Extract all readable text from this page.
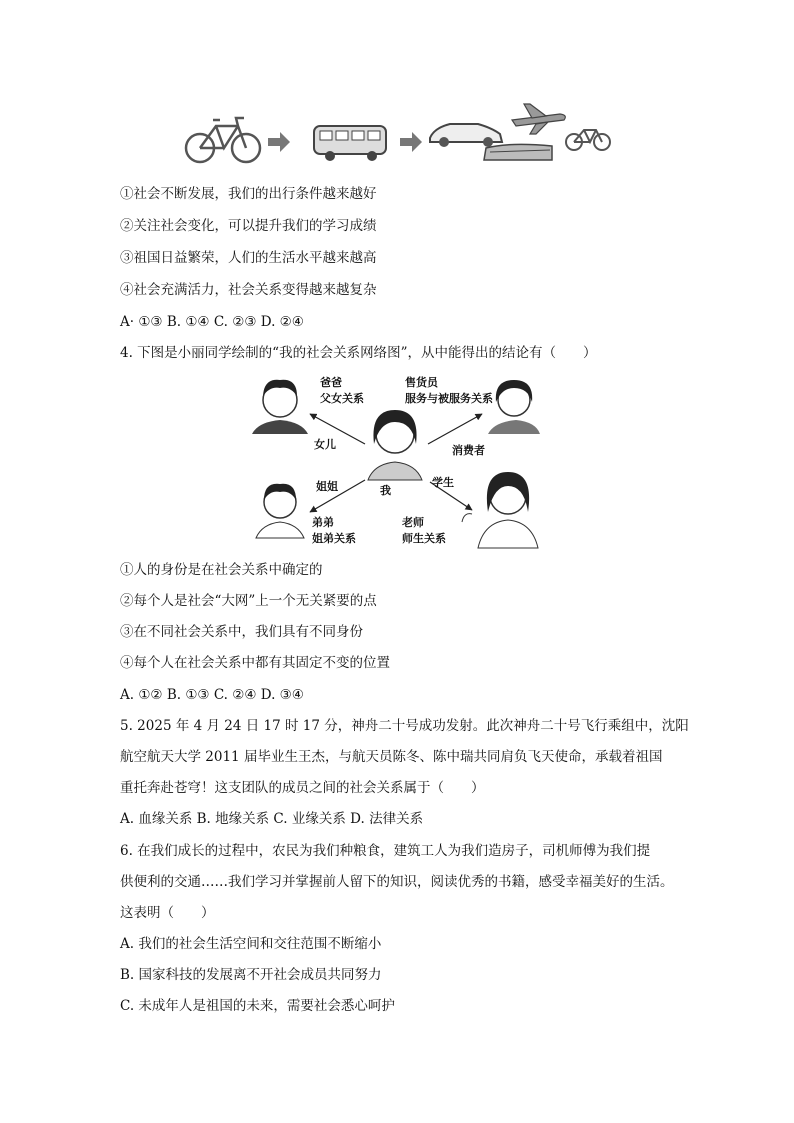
①社会不断发展，我们的出行条件越来越好
②关注社会变化，可以提升我们的学习成绩
③祖国日益繁荣，人们的生活水平越来越高
④社会充满活力，社会关系变得越来越复杂
A· ①③ B. ①④ C. ②③ D. ②④
4. 下图是小丽同学绘制的“我的社会关系网络图”，从中能得出的结论有（　　）
爸爸
父女关系
女儿
售货员
服务与被服务关系
消费者
姐姐	我
学生
弟弟
姐弟关系
老师
师生关系
①人的身份是在社会关系中确定的
②每个人是社会“大网”上一个无关紧要的点
③在不同社会关系中，我们具有不同身份
④每个人在社会关系中都有其固定不变的位置
A. ①② B. ①③ C. ②④ D. ③④
5. 2025 年 4 月 24 日 17 时 17 分，神舟二十号成功发射。此次神舟二十号飞行乘组中，沈阳
航空航天大学 2011 届毕业生王杰，与航天员陈冬、陈中瑞共同肩负飞天使命，承载着祖国
重托奔赴苍穹！这支团队的成员之间的社会关系属于（　　）
A. 血缘关系 B. 地缘关系 C. 业缘关系 D. 法律关系
6. 在我们成长的过程中，农民为我们种粮食，建筑工人为我们造房子，司机师傅为我们提
供便利的交通……我们学习并掌握前人留下的知识，阅读优秀的书籍，感受幸福美好的生活。
这表明（　　）
A. 我们的社会生活空间和交往范围不断缩小
B. 国家科技的发展离不开社会成员共同努力
C. 未成年人是祖国的未来，需要社会悉心呵护
